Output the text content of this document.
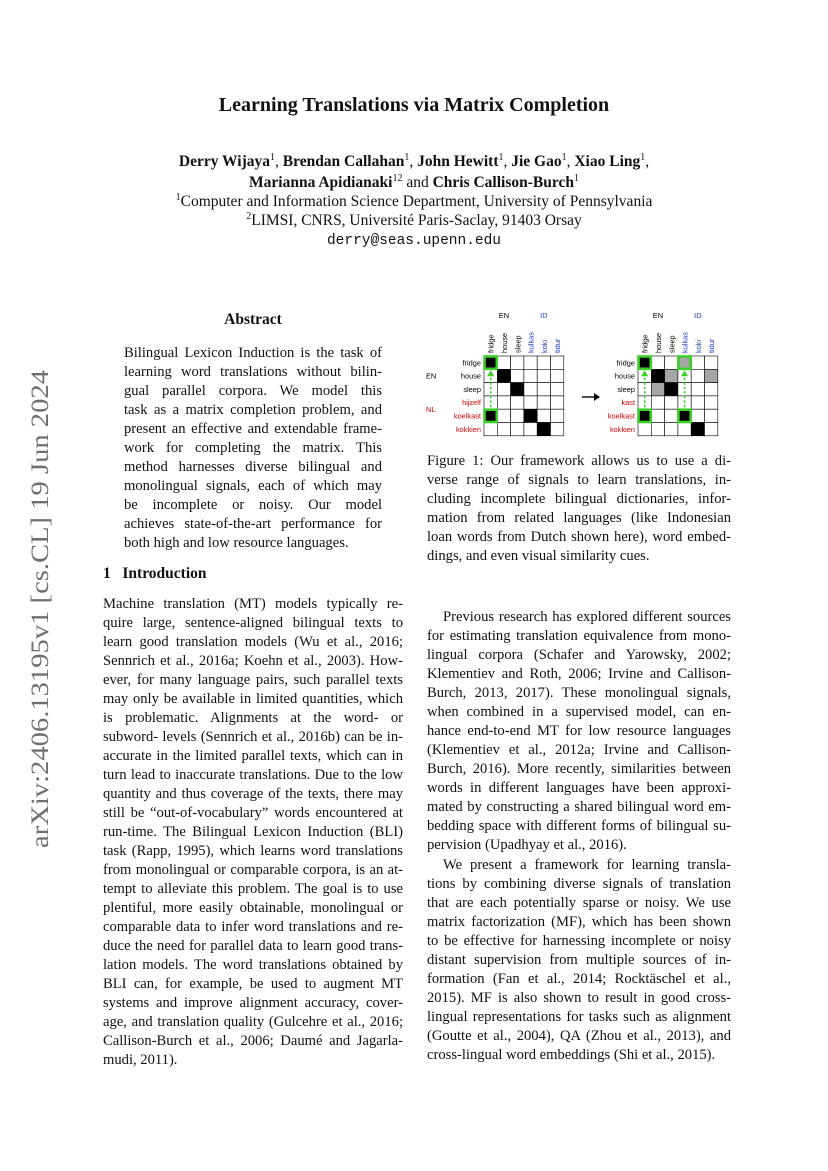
arXiv:2406.13195v1 [cs.CL] 19 Jun 2024
Learning Translations via Matrix Completion
Derry Wijaya$^1$, Brendan Callahan$^1$, John Hewitt$^1$, Jie Gao$^1$, Xiao Ling$^1$,
Marianna Apidianaki$^{12}$ and Chris Callison-Burch$^1$
$^1$Computer and Information Science Department, University of Pennsylvania
$^2$LIMSI, CNRS, Université Paris-Saclay, 91403 Orsay
derry@seas.upenn.edu
Abstract
Bilingual Lexicon Induction is the task of
learning word translations without bilin-
gual parallel corpora. We model this
task as a matrix completion problem, and
present an effective and extendable frame-
work for completing the matrix. This
method harnesses diverse bilingual and
monolingual signals, each of which may
be incomplete or noisy. Our model
achieves state-of-the-art performance for
both high and low resource languages.
1 Introduction
Machine translation (MT) models typically re-
quire large, sentence-aligned bilingual texts to
learn good translation models (Wu et al., 2016;
Sennrich et al., 2016a; Koehn et al., 2003). How-
ever, for many language pairs, such parallel texts
may only be available in limited quantities, which
is problematic. Alignments at the word- or
subword- levels (Sennrich et al., 2016b) can be in-
accurate in the limited parallel texts, which can in
turn lead to inaccurate translations. Due to the low
quantity and thus coverage of the texts, there may
still be “out-of-vocabulary” words encountered at
run-time. The Bilingual Lexicon Induction (BLI)
task (Rapp, 1995), which learns word translations
from monolingual or comparable corpora, is an at-
tempt to alleviate this problem. The goal is to use
plentiful, more easily obtainable, monolingual or
comparable data to infer word translations and re-
duce the need for parallel data to learn good trans-
lation models. The word translations obtained by
BLI can, for example, be used to augment MT
systems and improve alignment accuracy, cover-
age, and translation quality (Gulcehre et al., 2016;
Callison-Burch et al., 2006; Daumé and Jagarla-
mudi, 2011).
EN	ID
fridge house sleep kulkas koki tidur
fridge
house
sleep
hijzelf
koelkast
kokkien
EN
NL
EN	ID
fridge house sleep kulkas koki tidur
fridge
house
sleep
kast
koelkast
kokkien
Figure 1: Our framework allows us to use a di-
verse range of signals to learn translations, in-
cluding incomplete bilingual dictionaries, infor-
mation from related languages (like Indonesian
loan words from Dutch shown here), word embed-
dings, and even visual similarity cues.
Previous research has explored different sources
for estimating translation equivalence from mono-
lingual corpora (Schafer and Yarowsky, 2002;
Klementiev and Roth, 2006; Irvine and Callison-
Burch, 2013, 2017). These monolingual signals,
when combined in a supervised model, can en-
hance end-to-end MT for low resource languages
(Klementiev et al., 2012a; Irvine and Callison-
Burch, 2016). More recently, similarities between
words in different languages have been approxi-
mated by constructing a shared bilingual word em-
bedding space with different forms of bilingual su-
pervision (Upadhyay et al., 2016).
We present a framework for learning transla-
tions by combining diverse signals of translation
that are each potentially sparse or noisy. We use
matrix factorization (MF), which has been shown
to be effective for harnessing incomplete or noisy
distant supervision from multiple sources of in-
formation (Fan et al., 2014; Rocktäschel et al.,
2015). MF is also shown to result in good cross-
lingual representations for tasks such as alignment
(Goutte et al., 2004), QA (Zhou et al., 2013), and
cross-lingual word embeddings (Shi et al., 2015).
